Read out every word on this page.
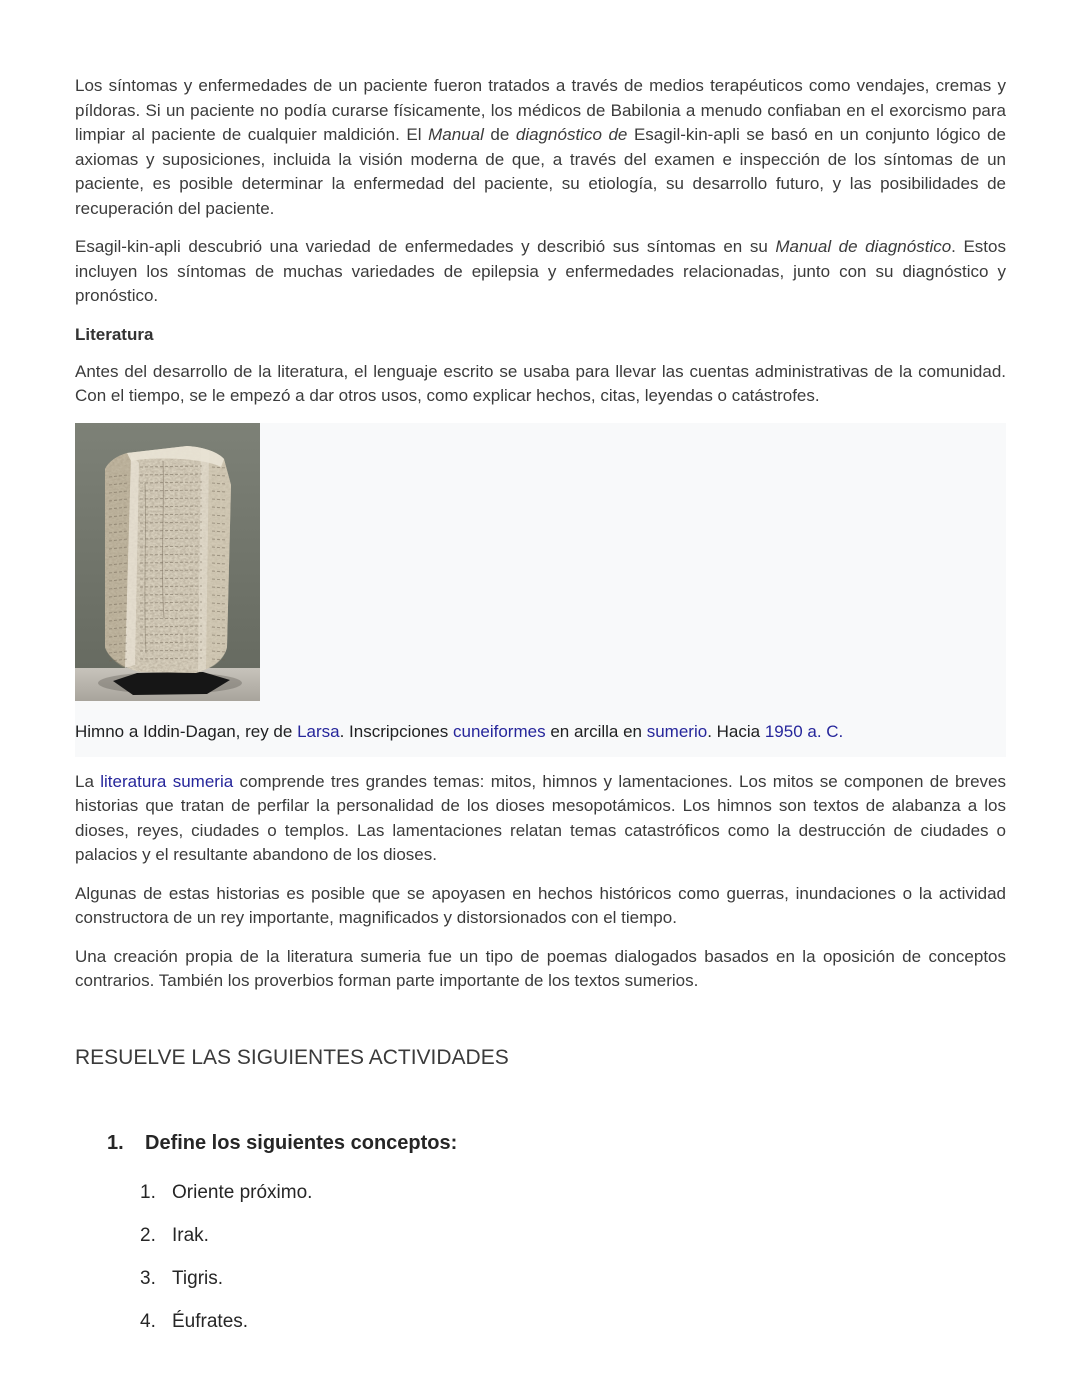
Los síntomas y enfermedades de un paciente fueron tratados a través de medios terapéuticos como vendajes, cremas y píldoras. Si un paciente no podía curarse físicamente, los médicos de Babilonia a menudo confiaban en el exorcismo para limpiar al paciente de cualquier maldición. El Manual de diagnóstico de Esagil-kin-apli se basó en un conjunto lógico de axiomas y suposiciones, incluida la visión moderna de que, a través del examen e inspección de los síntomas de un paciente, es posible determinar la enfermedad del paciente, su etiología, su desarrollo futuro, y las posibilidades de recuperación del paciente.

Esagil-kin-apli descubrió una variedad de enfermedades y describió sus síntomas en su Manual de diagnóstico. Estos incluyen los síntomas de muchas variedades de epilepsia y enfermedades relacionadas, junto con su diagnóstico y pronóstico.

Literatura

Antes del desarrollo de la literatura, el lenguaje escrito se usaba para llevar las cuentas administrativas de la comunidad. Con el tiempo, se le empezó a dar otros usos, como explicar hechos, citas, leyendas o catástrofes.

Himno a Iddin-Dagan, rey de Larsa. Inscripciones cuneiformes en arcilla en sumerio. Hacia 1950 a. C.

La literatura sumeria comprende tres grandes temas: mitos, himnos y lamentaciones. Los mitos se componen de breves historias que tratan de perfilar la personalidad de los dioses mesopotámicos. Los himnos son textos de alabanza a los dioses, reyes, ciudades o templos. Las lamentaciones relatan temas catastróficos como la destrucción de ciudades o palacios y el resultante abandono de los dioses.

Algunas de estas historias es posible que se apoyasen en hechos históricos como guerras, inundaciones o la actividad constructora de un rey importante, magnificados y distorsionados con el tiempo.

Una creación propia de la literatura sumeria fue un tipo de poemas dialogados basados en la oposición de conceptos contrarios. También los proverbios forman parte importante de los textos sumerios.

RESUELVE LAS SIGUIENTES ACTIVIDADES
1. Define los siguientes conceptos:
1. Oriente próximo.
2. Irak.
3. Tigris.
4. Éufrates.
